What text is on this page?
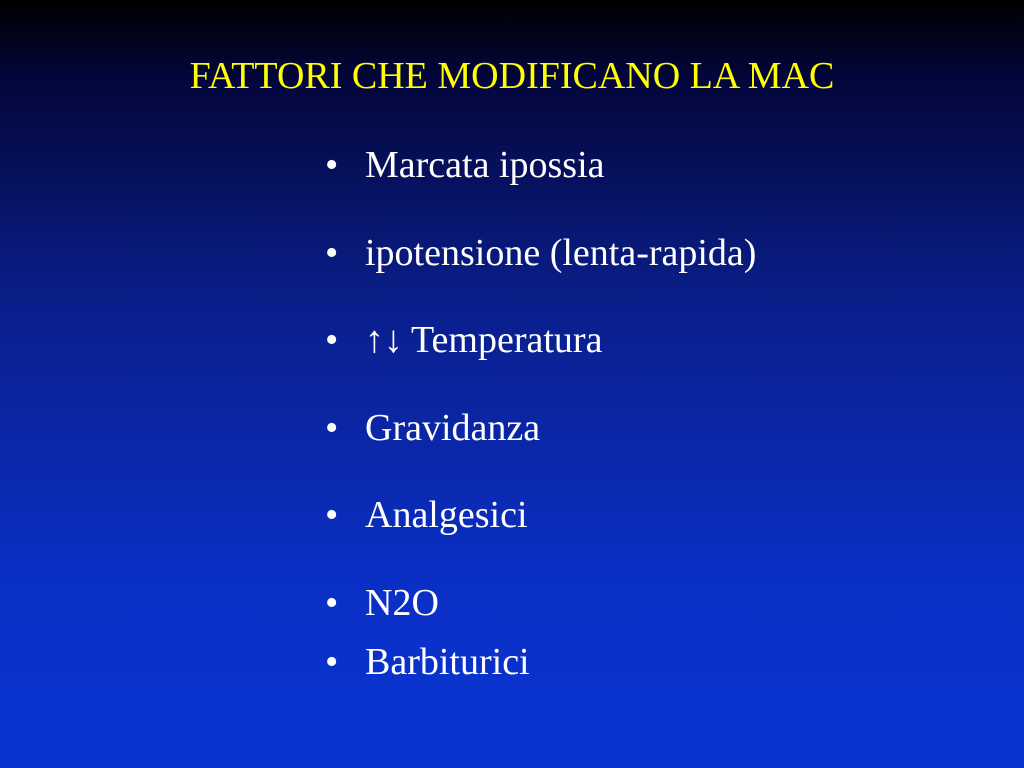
FATTORI CHE MODIFICANO LA MAC
• Marcata ipossia
• ipotensione (lenta-rapida)
• ↑↓ Temperatura
• Gravidanza
• Analgesici
• N2O
• Barbiturici
